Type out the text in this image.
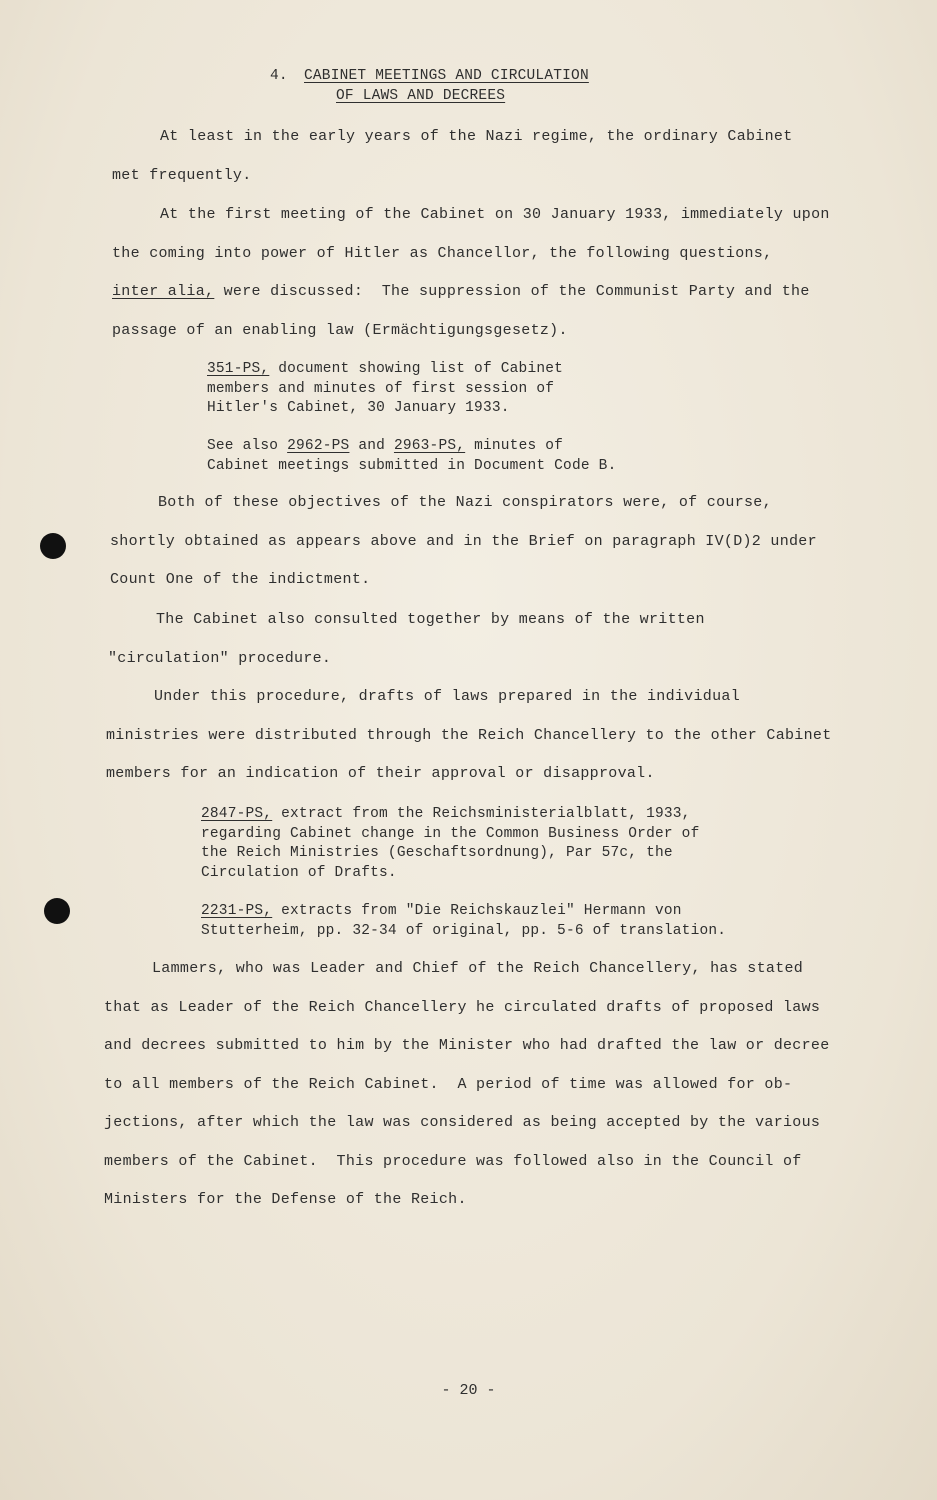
4. CABINET MEETINGS AND CIRCULATION
OF LAWS AND DECREES
At least in the early years of the Nazi regime, the ordinary Cabinet
met frequently.
At the first meeting of the Cabinet on 30 January 1933, immediately upon
the coming into power of Hitler as Chancellor, the following questions,
inter alia, were discussed:  The suppression of the Communist Party and the
passage of an enabling law (Ermächtigungsgesetz).
351-PS, document showing list of Cabinet
members and minutes of first session of
Hitler's Cabinet, 30 January 1933.
See also 2962-PS and 2963-PS, minutes of
Cabinet meetings submitted in Document Code B.
Both of these objectives of the Nazi conspirators were, of course,
shortly obtained as appears above and in the Brief on paragraph IV(D)2 under
Count One of the indictment.
The Cabinet also consulted together by means of the written
"circulation" procedure.
Under this procedure, drafts of laws prepared in the individual
ministries were distributed through the Reich Chancellery to the other Cabinet
members for an indication of their approval or disapproval.
2847-PS, extract from the Reichsministerialblatt, 1933,
regarding Cabinet change in the Common Business Order of
the Reich Ministries (Geschaftsordnung), Par 57c, the
Circulation of Drafts.
2231-PS, extracts from "Die Reichskauzlei" Hermann von
Stutterheim, pp. 32-34 of original, pp. 5-6 of translation.
Lammers, who was Leader and Chief of the Reich Chancellery, has stated
that as Leader of the Reich Chancellery he circulated drafts of proposed laws
and decrees submitted to him by the Minister who had drafted the law or decree
to all members of the Reich Cabinet.  A period of time was allowed for ob-
jections, after which the law was considered as being accepted by the various
members of the Cabinet.  This procedure was followed also in the Council of
Ministers for the Defense of the Reich.
- 20 -
